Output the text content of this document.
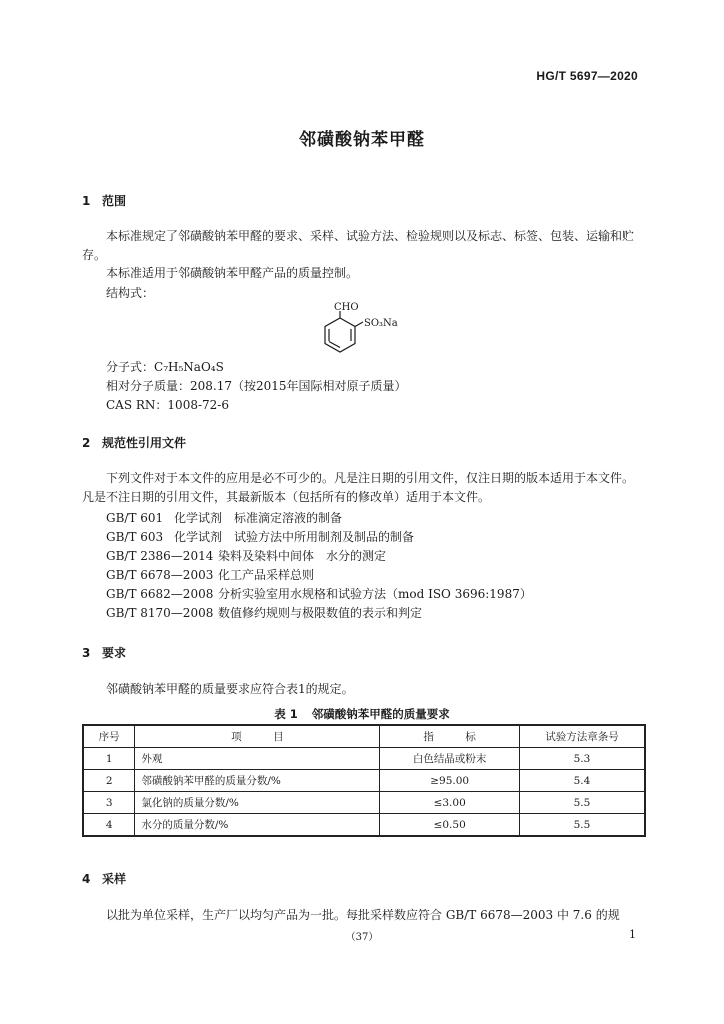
HG/T 5697—2020
邻磺酸钠苯甲醛
1 范围
本标准规定了邻磺酸钠苯甲醛的要求、采样、试验方法、检验规则以及标志、标签、包装、运输和贮存。
本标准适用于邻磺酸钠苯甲醛产品的质量控制。
结构式：
CHO
SO₃Na
分子式：C₇H₅NaO₄S
相对分子质量：208.17（按2015年国际相对原子质量）
CAS RN：1008-72-6
2 规范性引用文件
下列文件对于本文件的应用是必不可少的。凡是注日期的引用文件，仅注日期的版本适用于本文件。凡是不注日期的引用文件，其最新版本（包括所有的修改单）适用于本文件。
GB/T 601 化学试剂　标准滴定溶液的制备
GB/T 603 化学试剂　试验方法中所用制剂及制品的制备
GB/T 2386—2014 染料及染料中间体　水分的测定
GB/T 6678—2003 化工产品采样总则
GB/T 6682—2008 分析实验室用水规格和试验方法（mod ISO 3696:1987）
GB/T 8170—2008 数值修约规则与极限数值的表示和判定
3 要求
邻磺酸钠苯甲醛的质量要求应符合表1的规定。
表 1 邻磺酸钠苯甲醛的质量要求
序号	项　　　目	指　　　标	试验方法章条号
1	外观	白色结晶或粉末	5.3
2	邻磺酸钠苯甲醛的质量分数/%	≥95.00	5.4
3	氯化钠的质量分数/%	≤3.00	5.5
4	水分的质量分数/%	≤0.50	5.5
4 采样
以批为单位采样，生产厂以均匀产品为一批。每批采样数应符合 GB/T 6678—2003 中 7.6 的规
（37）	1
